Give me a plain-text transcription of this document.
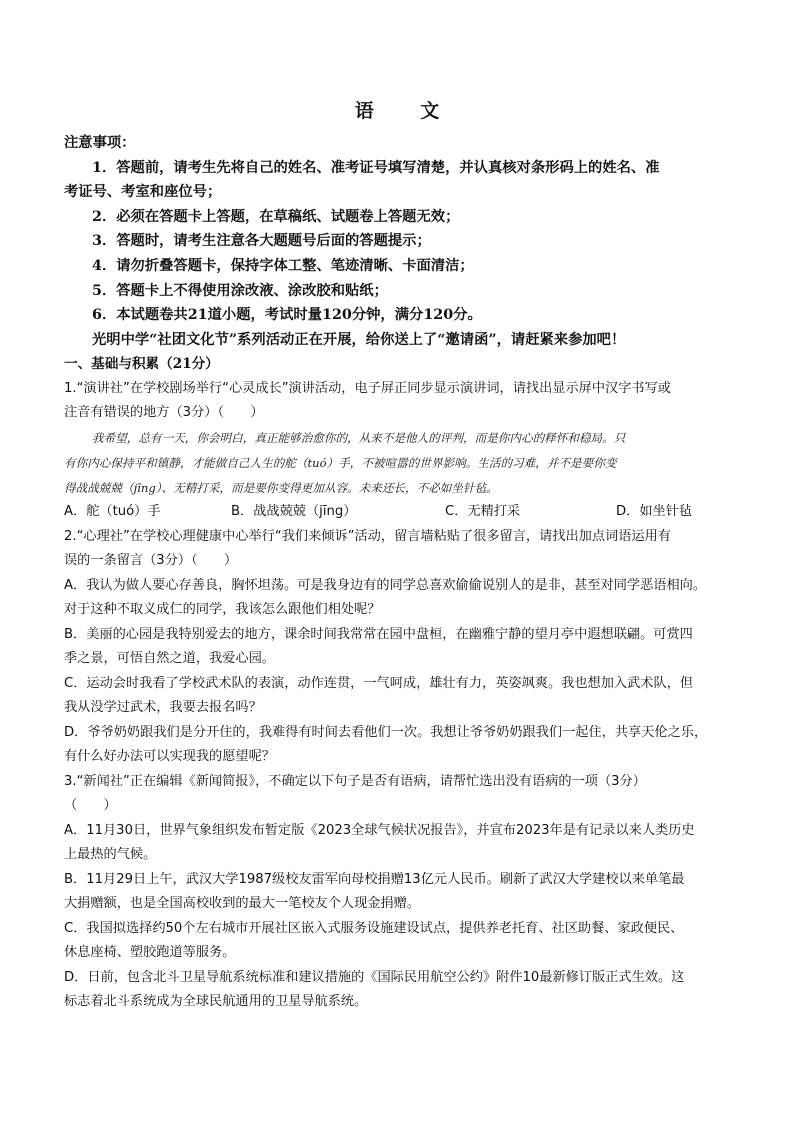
语 文
注意事项：
1．答题前，请考生先将自己的姓名、准考证号填写清楚，并认真核对条形码上的姓名、准
考证号、考室和座位号；
2．必须在答题卡上答题，在草稿纸、试题卷上答题无效；
3．答题时，请考生注意各大题题号后面的答题提示；
4．请勿折叠答题卡，保持字体工整、笔迹清晰、卡面清洁；
5．答题卡上不得使用涂改液、涂改胶和贴纸；
6．本试题卷共21道小题，考试时量120分钟，满分120分。
光明中学“社团文化节”系列活动正在开展，给你送上了“邀请函”，请赶紧来参加吧！
一、基础与积累（21分）
1.“演讲社”在学校剧场举行“心灵成长”演讲活动，电子屏正同步显示演讲词，请找出显示屏中汉字书写或
注音有错误的地方（3分）（　　）
我希望，总有一天，你会明白，真正能够治愈你的，从来不是他人的评判，而是你内心的释怀和稳局。只
有你内心保持平和镇静，才能做自己人生的舵（tuó）手，不被喧嚣的世界影响。生活的习难，并不是要你变
得战战兢兢（jīng）、无精打采，而是要你变得更加从容。未来还长，不必如坐针毡。
A．舵（tuó）手	B．战战兢兢（jīng）	C．无精打采	D．如坐针毡
2.“心理社”在学校心理健康中心举行“我们来倾诉”活动，留言墙粘贴了很多留言，请找出加点词语运用有
误的一条留言（3分）（　　）
A．我认为做人要心存善良，胸怀坦荡。可是我身边有的同学总喜欢偷偷说别人的是非，甚至对同学恶语相向。
对于这种不取义成仁的同学，我该怎么跟他们相处呢？
B．美丽的心园是我特别爱去的地方，课余时间我常常在园中盘桓，在幽雅宁静的望月亭中遐想联翩。可赏四
季之景，可悟自然之道，我爱心园。
C．运动会时我看了学校武术队的表演，动作连贯，一气呵成，雄壮有力，英姿飒爽。我也想加入武术队，但
我从没学过武术，我要去报名吗？
D．爷爷奶奶跟我们是分开住的，我难得有时间去看他们一次。我想让爷爷奶奶跟我们一起住，共享天伦之乐，
有什么好办法可以实现我的愿望呢？
3.“新闻社”正在编辑《新闻简报》，不确定以下句子是否有语病，请帮忙选出没有语病的一项（3分）
（　　）
A．11月30日，世界气象组织发布暂定版《2023全球气候状况报告》，并宣布2023年是有记录以来人类历史
上最热的气候。
B．11月29日上午，武汉大学1987级校友雷军向母校捐赠13亿元人民币。刷新了武汉大学建校以来单笔最
大捐赠额，也是全国高校收到的最大一笔校友个人现金捐赠。
C．我国拟选择约50个左右城市开展社区嵌入式服务设施建设试点，提供养老托育、社区助餐、家政便民、
休息座椅、塑胶跑道等服务。
D．日前，包含北斗卫星导航系统标准和建议措施的《国际民用航空公约》附件10最新修订版正式生效。这
标志着北斗系统成为全球民航通用的卫星导航系统。
